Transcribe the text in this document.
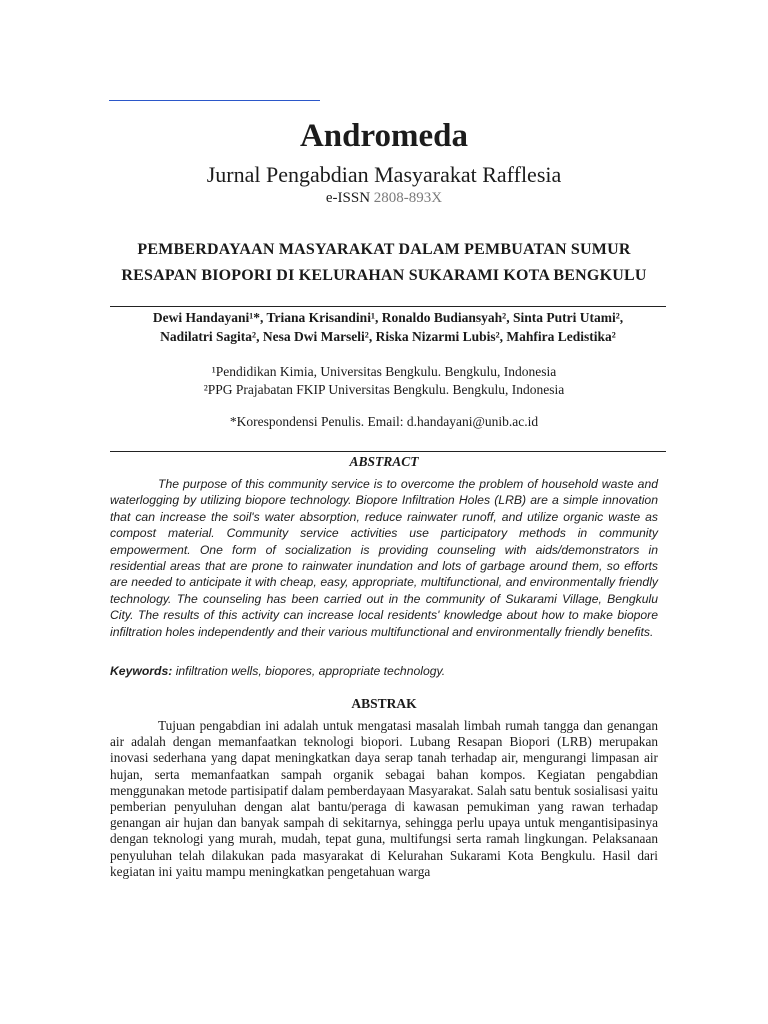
Andromeda
Jurnal Pengabdian Masyarakat Rafflesia
e-ISSN 2808-893X
PEMBERDAYAAN MASYARAKAT DALAM PEMBUATAN SUMUR RESAPAN BIOPORI DI KELURAHAN SUKARAMI KOTA BENGKULU
Dewi Handayani¹*, Triana Krisandini¹, Ronaldo Budiansyah², Sinta Putri Utami²,
Nadilatri Sagita², Nesa Dwi Marseli², Riska Nizarmi Lubis², Mahfira Ledistika²
¹Pendidikan Kimia, Universitas Bengkulu. Bengkulu, Indonesia
²PPG Prajabatan FKIP Universitas Bengkulu. Bengkulu, Indonesia
*Korespondensi Penulis. Email: d.handayani@unib.ac.id
ABSTRACT
The purpose of this community service is to overcome the problem of household waste and waterlogging by utilizing biopore technology. Biopore Infiltration Holes (LRB) are a simple innovation that can increase the soil's water absorption, reduce rainwater runoff, and utilize organic waste as compost material. Community service activities use participatory methods in community empowerment. One form of socialization is providing counseling with aids/demonstrators in residential areas that are prone to rainwater inundation and lots of garbage around them, so efforts are needed to anticipate it with cheap, easy, appropriate, multifunctional, and environmentally friendly technology. The counseling has been carried out in the community of Sukarami Village, Bengkulu City. The results of this activity can increase local residents' knowledge about how to make biopore infiltration holes independently and their various multifunctional and environmentally friendly benefits.
Keywords: infiltration wells, biopores, appropriate technology.
ABSTRAK
Tujuan pengabdian ini adalah untuk mengatasi masalah limbah rumah tangga dan genangan air adalah dengan memanfaatkan teknologi biopori. Lubang Resapan Biopori (LRB) merupakan inovasi sederhana yang dapat meningkatkan daya serap tanah terhadap air, mengurangi limpasan air hujan, serta memanfaatkan sampah organik sebagai bahan kompos. Kegiatan pengabdian menggunakan metode partisipatif dalam pemberdayaan Masyarakat. Salah satu bentuk sosialisasi yaitu pemberian penyuluhan dengan alat bantu/peraga di kawasan pemukiman yang rawan terhadap genangan air hujan dan banyak sampah di sekitarnya, sehingga perlu upaya untuk mengantisipasinya dengan teknologi yang murah, mudah, tepat guna, multifungsi serta ramah lingkungan. Pelaksanaan penyuluhan telah dilakukan pada masyarakat di Kelurahan Sukarami Kota Bengkulu. Hasil dari kegiatan ini yaitu mampu meningkatkan pengetahuan warga
